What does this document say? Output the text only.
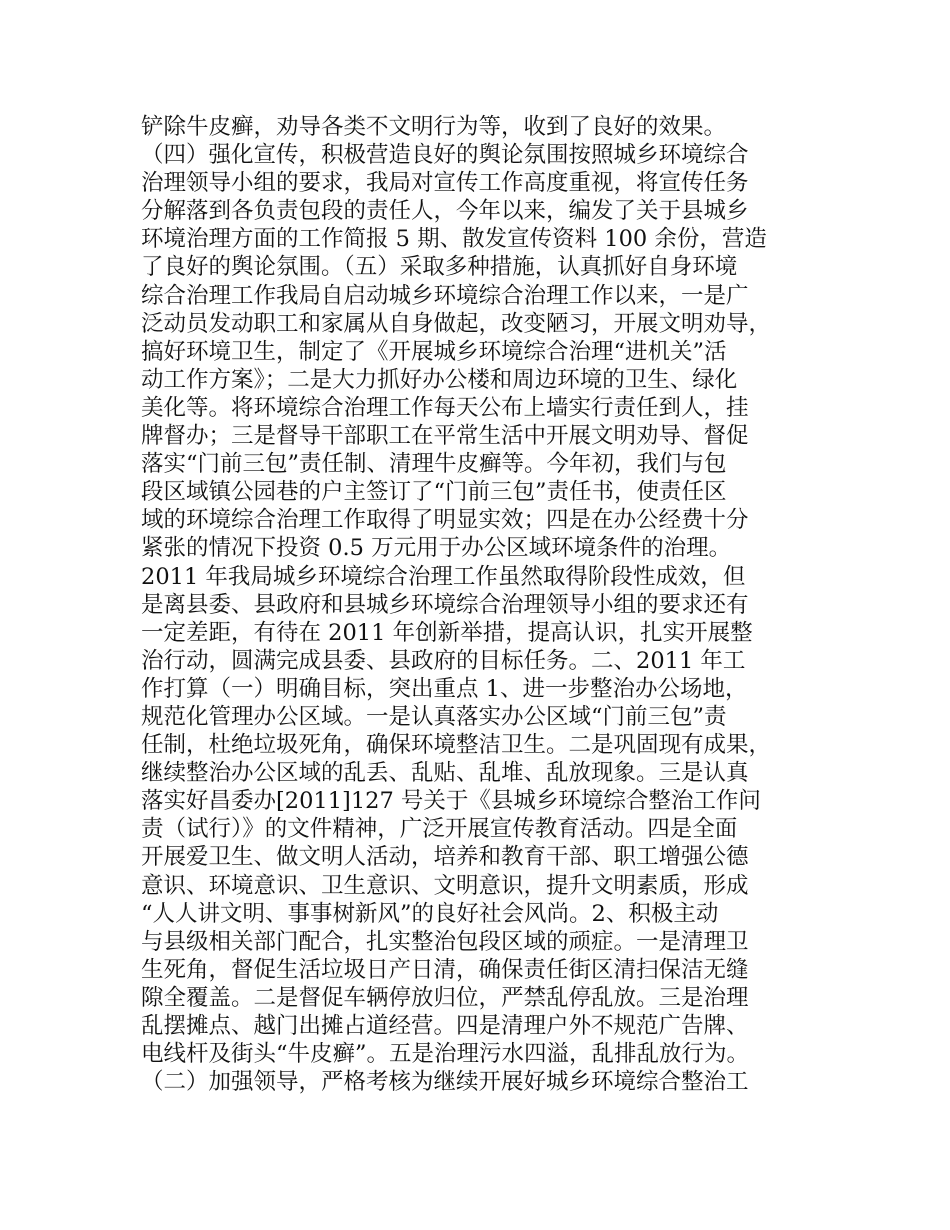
铲除牛皮癣，劝导各类不文明行为等，收到了良好的效果。
（四）强化宣传，积极营造良好的舆论氛围按照城乡环境综合
治理领导小组的要求，我局对宣传工作高度重视，将宣传任务
分解落到各负责包段的责任人，今年以来，编发了关于县城乡
环境治理方面的工作简报 5 期、散发宣传资料 100 余份，营造
了良好的舆论氛围。（五）采取多种措施，认真抓好自身环境
综合治理工作我局自启动城乡环境综合治理工作以来，一是广
泛动员发动职工和家属从自身做起，改变陋习，开展文明劝导，
搞好环境卫生，制定了《开展城乡环境综合治理“进机关”活
动工作方案》；二是大力抓好办公楼和周边环境的卫生、绿化
美化等。将环境综合治理工作每天公布上墙实行责任到人，挂
牌督办；三是督导干部职工在平常生活中开展文明劝导、督促
落实“门前三包”责任制、清理牛皮癣等。今年初，我们与包
段区域镇公园巷的户主签订了“门前三包”责任书，使责任区
域的环境综合治理工作取得了明显实效；四是在办公经费十分
紧张的情况下投资 0.5 万元用于办公区域环境条件的治理。
2011 年我局城乡环境综合治理工作虽然取得阶段性成效，但
是离县委、县政府和县城乡环境综合治理领导小组的要求还有
一定差距，有待在 2011 年创新举措，提高认识，扎实开展整
治行动，圆满完成县委、县政府的目标任务。二、2011 年工
作打算（一）明确目标，突出重点 1、进一步整治办公场地，
规范化管理办公区域。一是认真落实办公区域“门前三包”责
任制，杜绝垃圾死角，确保环境整洁卫生。二是巩固现有成果，
继续整治办公区域的乱丢、乱贴、乱堆、乱放现象。三是认真
落实好昌委办[2011]127 号关于《县城乡环境综合整治工作问
责（试行）》的文件精神，广泛开展宣传教育活动。四是全面
开展爱卫生、做文明人活动，培养和教育干部、职工增强公德
意识、环境意识、卫生意识、文明意识，提升文明素质，形成
“人人讲文明、事事树新风”的良好社会风尚。2、积极主动
与县级相关部门配合，扎实整治包段区域的顽症。一是清理卫
生死角，督促生活垃圾日产日清，确保责任街区清扫保洁无缝
隙全覆盖。二是督促车辆停放归位，严禁乱停乱放。三是治理
乱摆摊点、越门出摊占道经营。四是清理户外不规范广告牌、
电线杆及街头“牛皮癣”。五是治理污水四溢，乱排乱放行为。
（二）加强领导，严格考核为继续开展好城乡环境综合整治工
